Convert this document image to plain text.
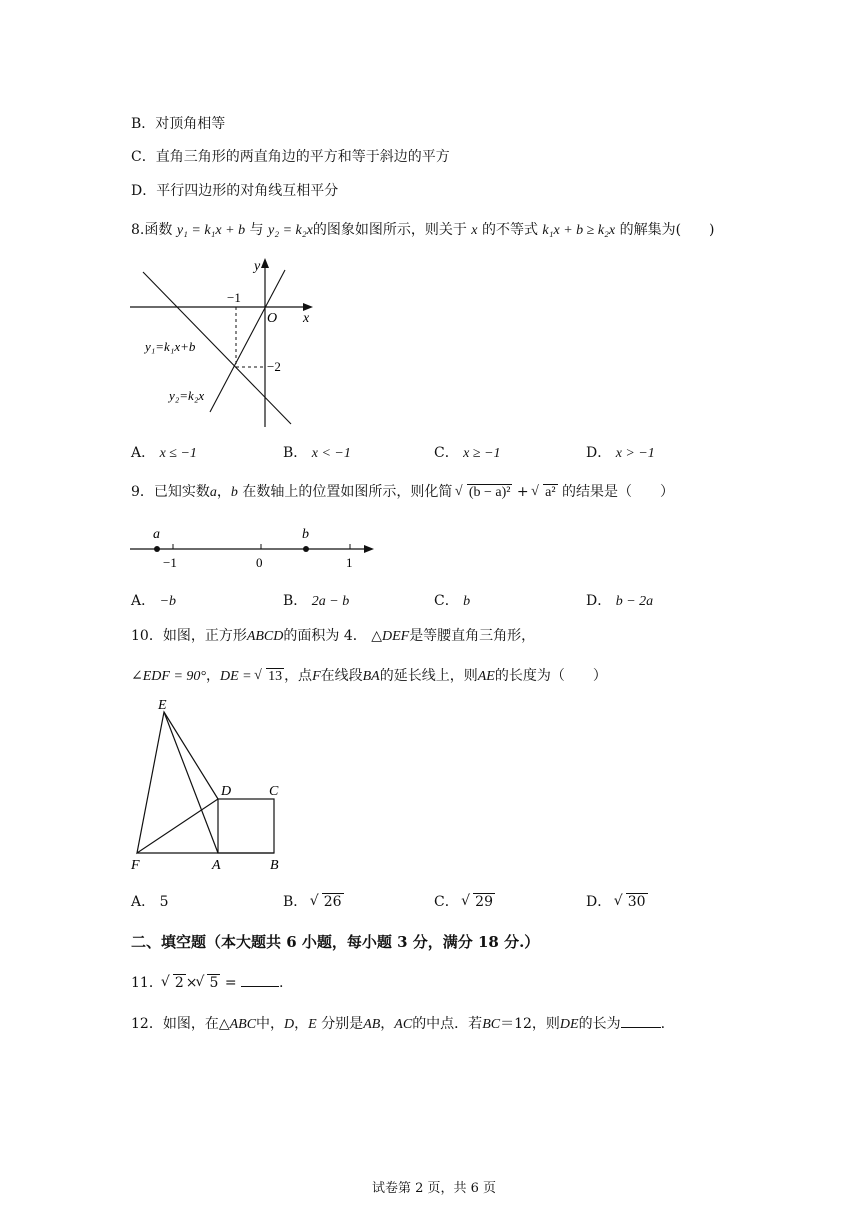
B．对顶角相等
C．直角三角形的两直角边的平方和等于斜边的平方
D．平行四边形的对角线互相平分
8.函数 y₁ = k₁x + b 与 y₂ = k₂x的图象如图所示，则关于 x 的不等式 k₁x + b ≥ k₂x 的解集为(　　)
y
x
O
−1
−2
y₁=k₁x+b
y₂=k₂x
A． x ≤ −1	B． x < −1	C． x ≥ −1	D． x > −1
9．已知实数a，b 在数轴上的位置如图所示，则化简 √ (b − a)² + √ a² 的结果是（　　）
a	b
−1	0	1
A． −b	B． 2a − b	C． b	D． b − 2a
10．如图，正方形ABCD的面积为 4． △DEF是等腰直角三角形，
∠EDF = 90°，DE = √ 13 ，点F在线段BA的延长线上，则AE的长度为（　　）
E
D	C
F	A	B
A． 5	B． √ 26	C． √ 29	D． √ 30
二、填空题（本大题共 6 小题，每小题 3 分，满分 18 分.）
11． √ 2 × √ 5 =	.
12．如图，在△ABC中，D，E 分别是AB，AC的中点．若BC＝12，则DE的长为	.
试卷第 2 页，共 6 页
